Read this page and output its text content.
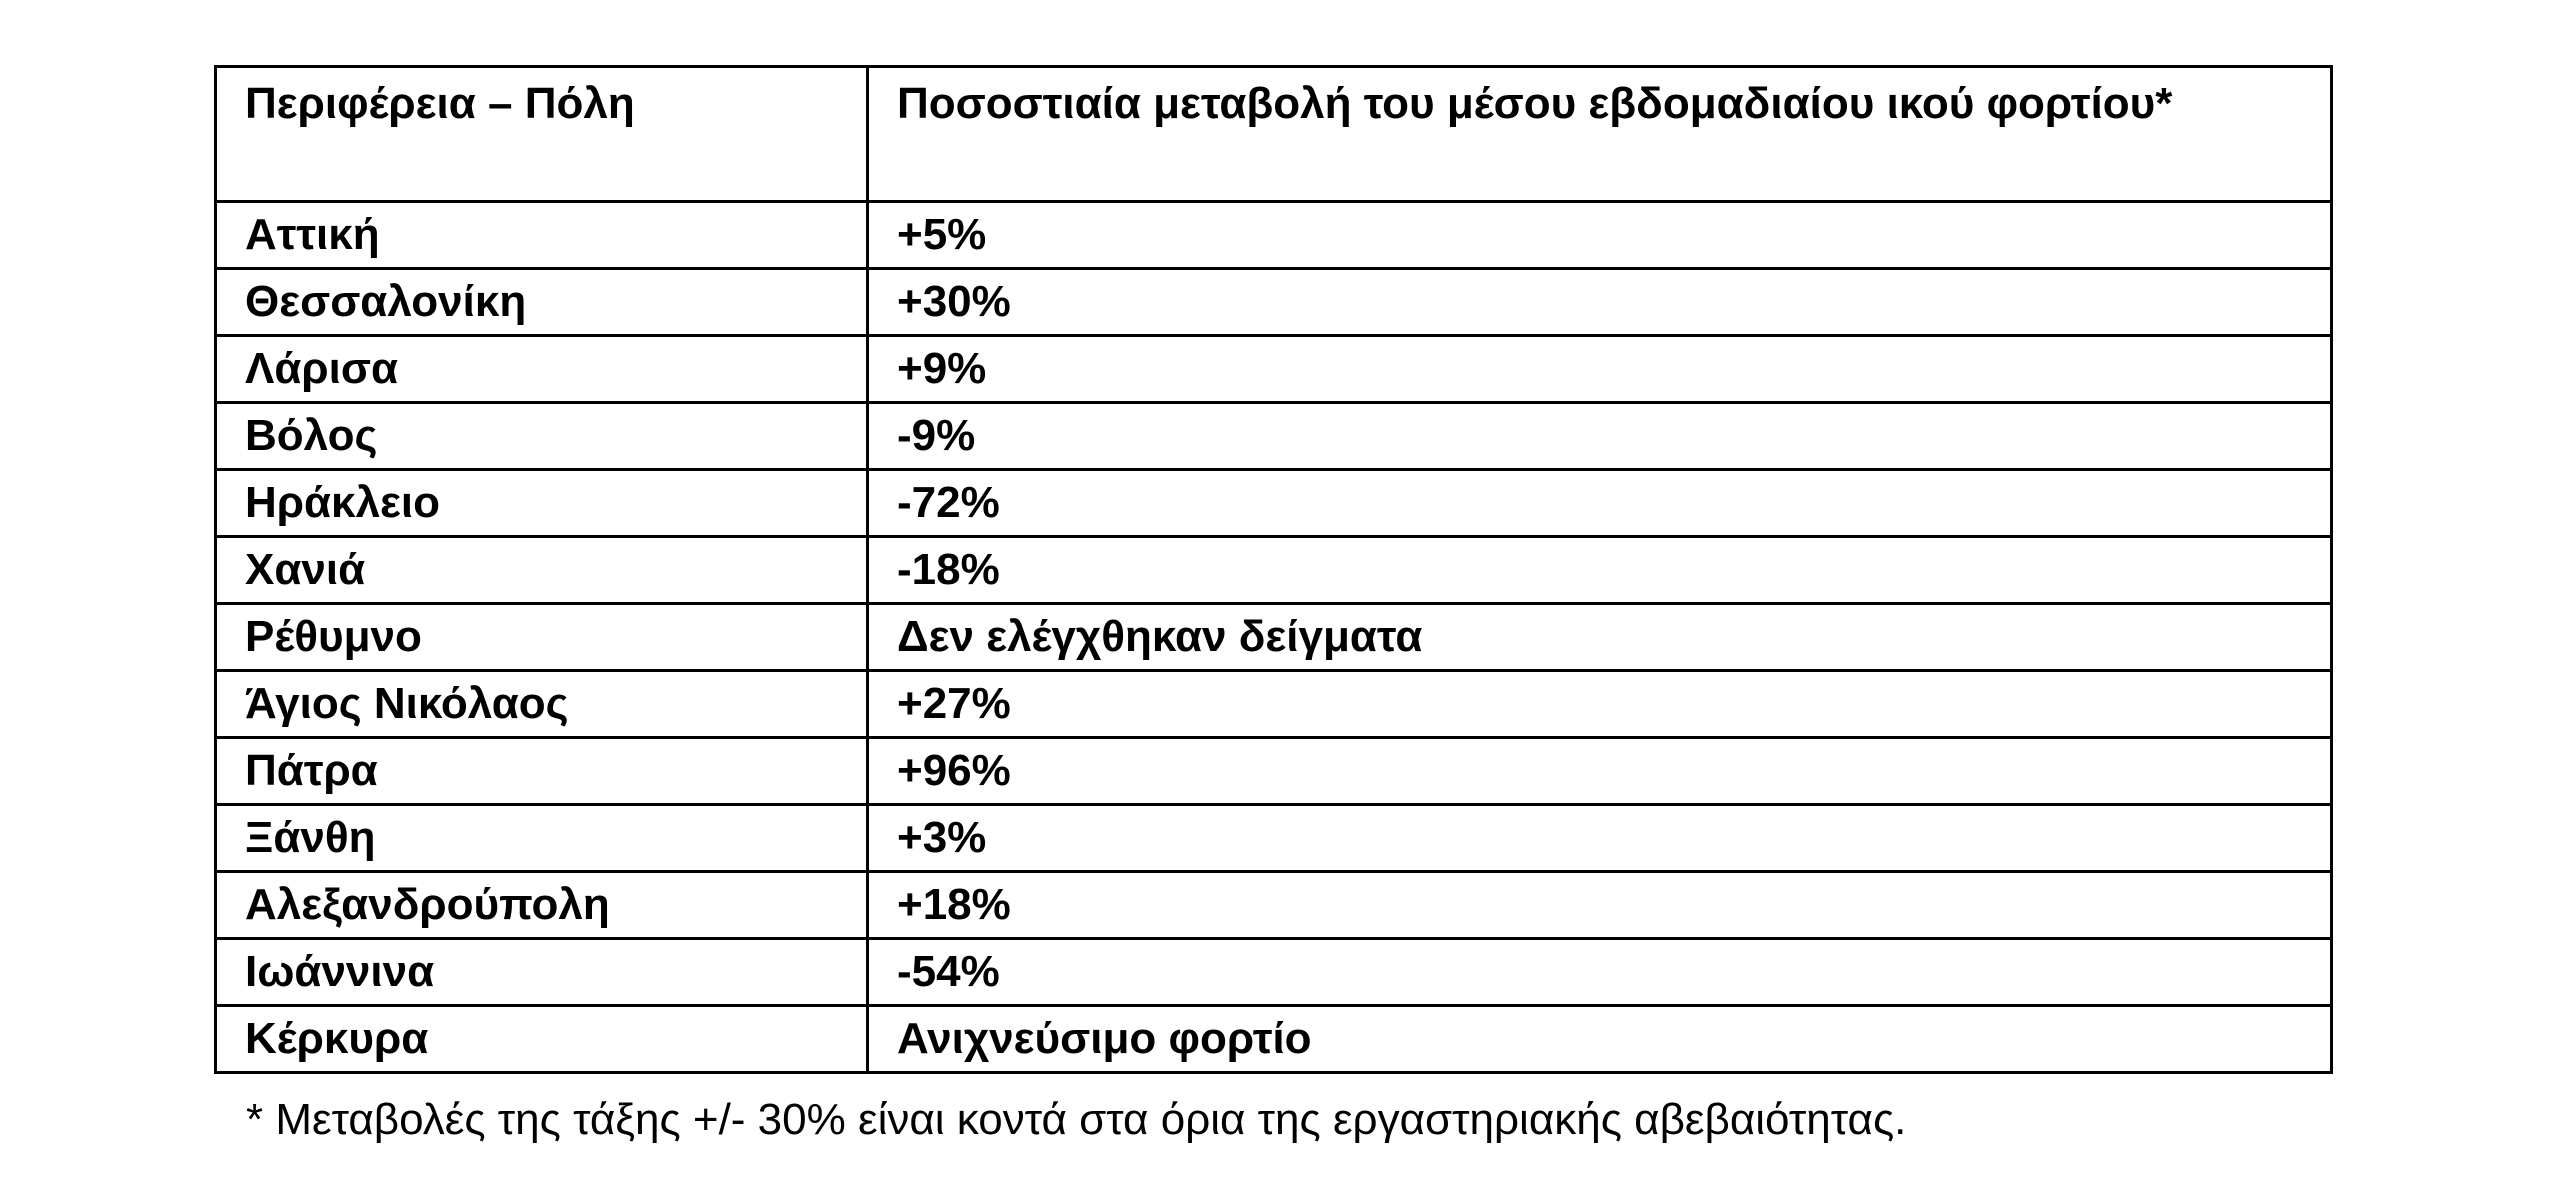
Περιφέρεια – Πόλη	Ποσοστιαία μεταβολή του μέσου εβδομαδιαίου ικού φορτίου*
Αττική	+5%
Θεσσαλονίκη	+30%
Λάρισα	+9%
Βόλος	-9%
Ηράκλειο	-72%
Χανιά	-18%
Ρέθυμνο	Δεν ελέγχθηκαν δείγματα
Άγιος Νικόλαος	+27%
Πάτρα	+96%
Ξάνθη	+3%
Αλεξανδρούπολη	+18%
Ιωάννινα	-54%
Κέρκυρα	Ανιχνεύσιμο φορτίο
* Μεταβολές της τάξης +/- 30% είναι κοντά στα όρια της εργαστηριακής αβεβαιότητας.
